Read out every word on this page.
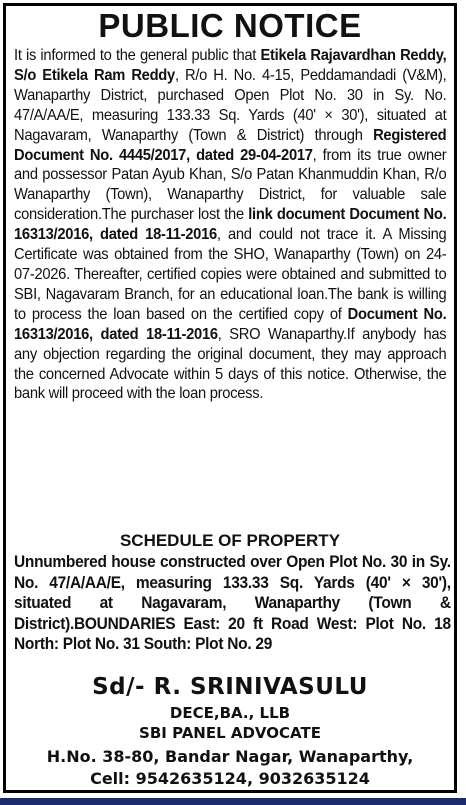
PUBLIC NOTICE
It is informed to the general public that Etikela Rajavardhan Reddy, S/o Etikela Ram Reddy, R/o H. No. 4-15, Peddamandadi (V&M), Wanaparthy District, purchased Open Plot No. 30 in Sy. No. 47/A/AA/E, measuring 133.33 Sq. Yards (40' × 30'), situated at Nagavaram, Wanaparthy (Town & District) through Registered Document No. 4445/2017, dated 29-04-2017, from its true owner and possessor Patan Ayub Khan, S/o Patan Khanmuddin Khan, R/o Wanaparthy (Town), Wanaparthy District, for valuable sale consideration.The purchaser lost the link document Document No. 16313/2016, dated 18-11-2016, and could not trace it. A Missing Certificate was obtained from the SHO, Wanaparthy (Town) on 24-07-2026. Thereafter, certified copies were obtained and submitted to SBI, Nagavaram Branch, for an educational loan.The bank is willing to process the loan based on the certified copy of Document No. 16313/2016, dated 18-11-2016, SRO Wanaparthy.If anybody has any objection regarding the original document, they may approach the concerned Advocate within 5 days of this notice. Otherwise, the bank will proceed with the loan process.
SCHEDULE OF PROPERTY
Unnumbered house constructed over Open Plot No. 30 in Sy. No. 47/A/AA/E, measuring 133.33 Sq. Yards (40' × 30'), situated at Nagavaram, Wanaparthy (Town & District).BOUNDARIES East: 20 ft Road West: Plot No. 18 North: Plot No. 31 South: Plot No. 29
Sd/- R. SRINIVASULU
DECE,BA., LLB
SBI PANEL ADVOCATE
H.No. 38-80, Bandar Nagar, Wanaparthy,
Cell: 9542635124, 9032635124
